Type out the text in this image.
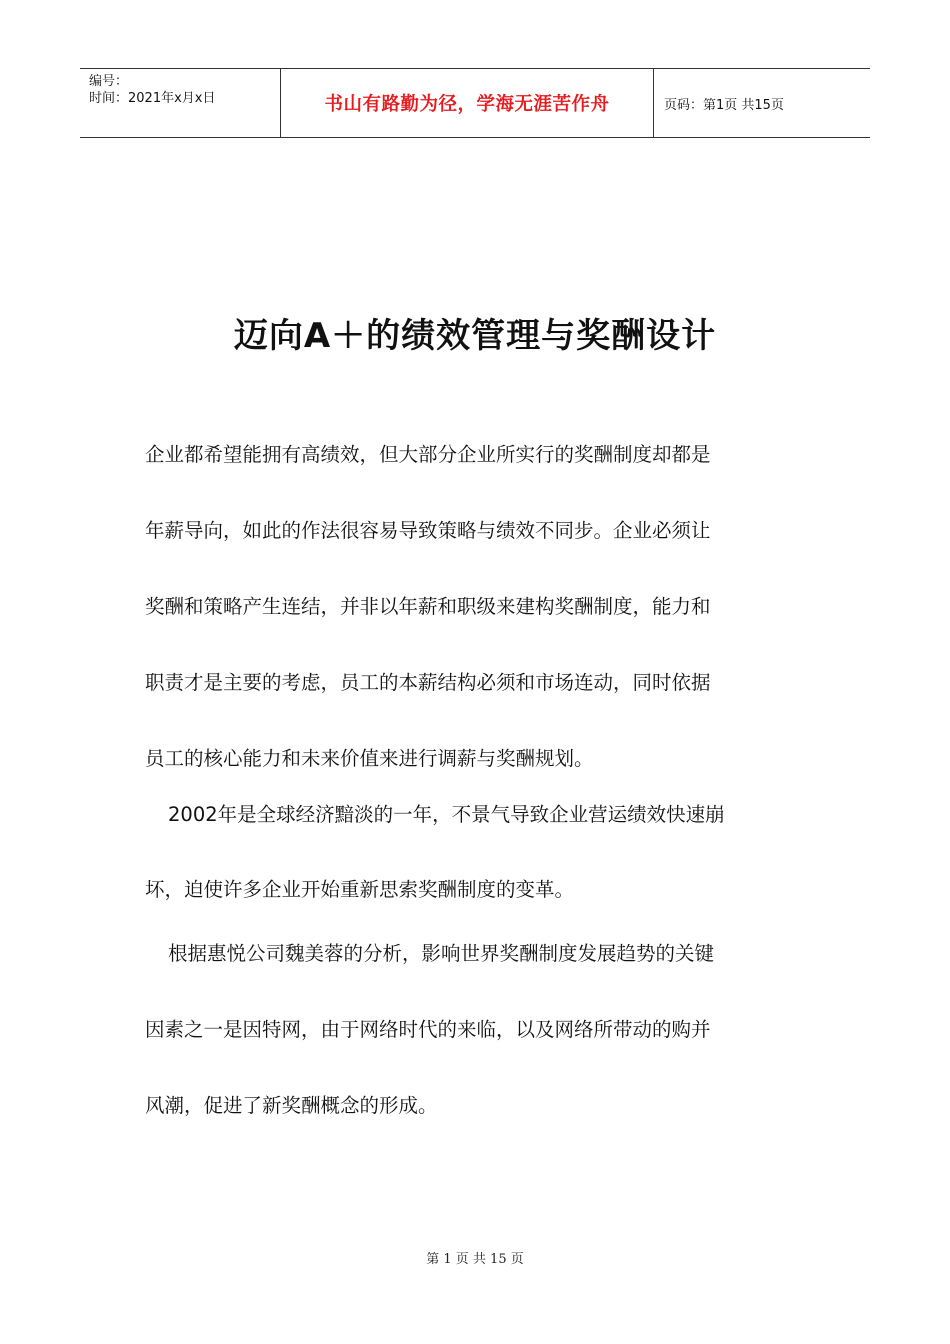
编号：
时间：2021年x月x日	书山有路勤为径，学海无涯苦作舟	页码：第1页 共15页
迈向A＋的绩效管理与奖酬设计
企业都希望能拥有高绩效，但大部分企业所实行的奖酬制度却都是
年薪导向，如此的作法很容易导致策略与绩效不同步。企业必须让
奖酬和策略产生连结，并非以年薪和职级来建构奖酬制度，能力和
职责才是主要的考虑，员工的本薪结构必须和市场连动，同时依据
员工的核心能力和未来价值来进行调薪与奖酬规划。
2002年是全球经济黯淡的一年，不景气导致企业营运绩效快速崩
坏，迫使许多企业开始重新思索奖酬制度的变革。
根据惠悦公司魏美蓉的分析，影响世界奖酬制度发展趋势的关键
因素之一是因特网，由于网络时代的来临，以及网络所带动的购并
风潮，促进了新奖酬概念的形成。
第 1 页 共 15 页
